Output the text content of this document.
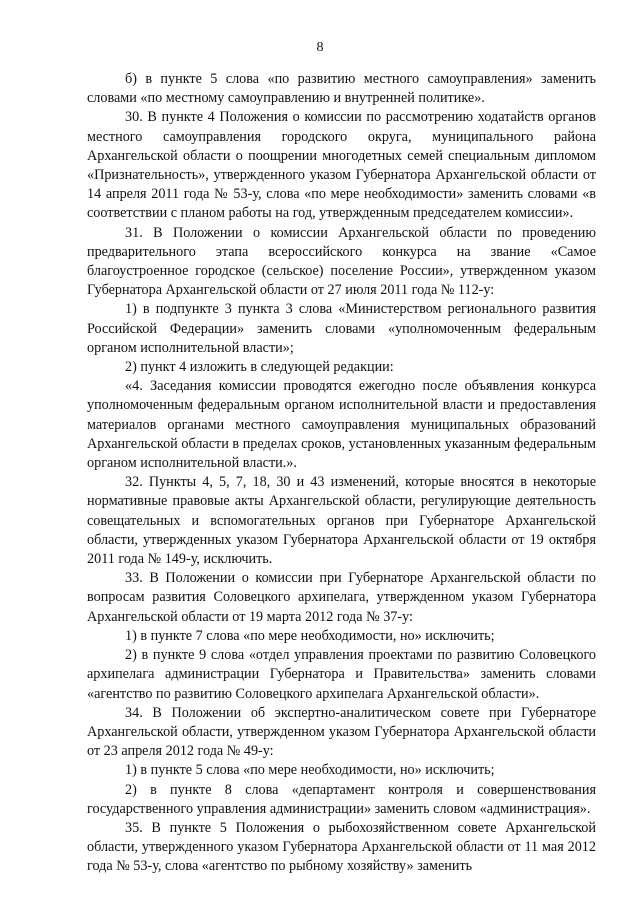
8

б) в пункте 5 слова «по развитию местного самоуправления» заменить словами «по местному самоуправлению и внутренней политике».

30. В пункте 4 Положения о комиссии по рассмотрению ходатайств органов местного самоуправления городского округа, муниципального района Архангельской области о поощрении многодетных семей специальным дипломом «Признательность», утвержденного указом Губернатора Архангельской области от 14 апреля 2011 года № 53-у, слова «по мере необходимости» заменить словами «в соответствии с планом работы на год, утвержденным председателем комиссии».

31. В Положении о комиссии Архангельской области по проведению предварительного этапа всероссийского конкурса на звание «Самое благоустроенное городское (сельское) поселение России», утвержденном указом Губернатора Архангельской области от 27 июля 2011 года № 112-у:

1) в подпункте 3 пункта 3 слова «Министерством регионального развития Российской Федерации» заменить словами «уполномоченным федеральным органом исполнительной власти»;

2) пункт 4 изложить в следующей редакции:

«4. Заседания комиссии проводятся ежегодно после объявления конкурса уполномоченным федеральным органом исполнительной власти и предоставления материалов органами местного самоуправления муниципальных образований Архангельской области в пределах сроков, установленных указанным федеральным органом исполнительной власти.».

32. Пункты 4, 5, 7, 18, 30 и 43 изменений, которые вносятся в некоторые нормативные правовые акты Архангельской области, регулирующие деятельность совещательных и вспомогательных органов при Губернаторе Архангельской области, утвержденных указом Губернатора Архангельской области от 19 октября 2011 года № 149-у, исключить.

33. В Положении о комиссии при Губернаторе Архангельской области по вопросам развития Соловецкого архипелага, утвержденном указом Губернатора Архангельской области от 19 марта 2012 года № 37-у:

1) в пункте 7 слова «по мере необходимости, но» исключить;

2) в пункте 9 слова «отдел управления проектами по развитию Соловецкого архипелага администрации Губернатора и Правительства» заменить словами «агентство по развитию Соловецкого архипелага Архангельской области».

34. В Положении об экспертно-аналитическом совете при Губернаторе Архангельской области, утвержденном указом Губернатора Архангельской области от 23 апреля 2012 года № 49-у:

1) в пункте 5 слова «по мере необходимости, но» исключить;

2) в пункте 8 слова «департамент контроля и совершенствования государственного управления администрации» заменить словом «администрация».

35. В пункте 5 Положения о рыбохозяйственном совете Архангельской области, утвержденного указом Губернатора Архангельской области от 11 мая 2012 года № 53-у, слова «агентство по рыбному хозяйству» заменить
